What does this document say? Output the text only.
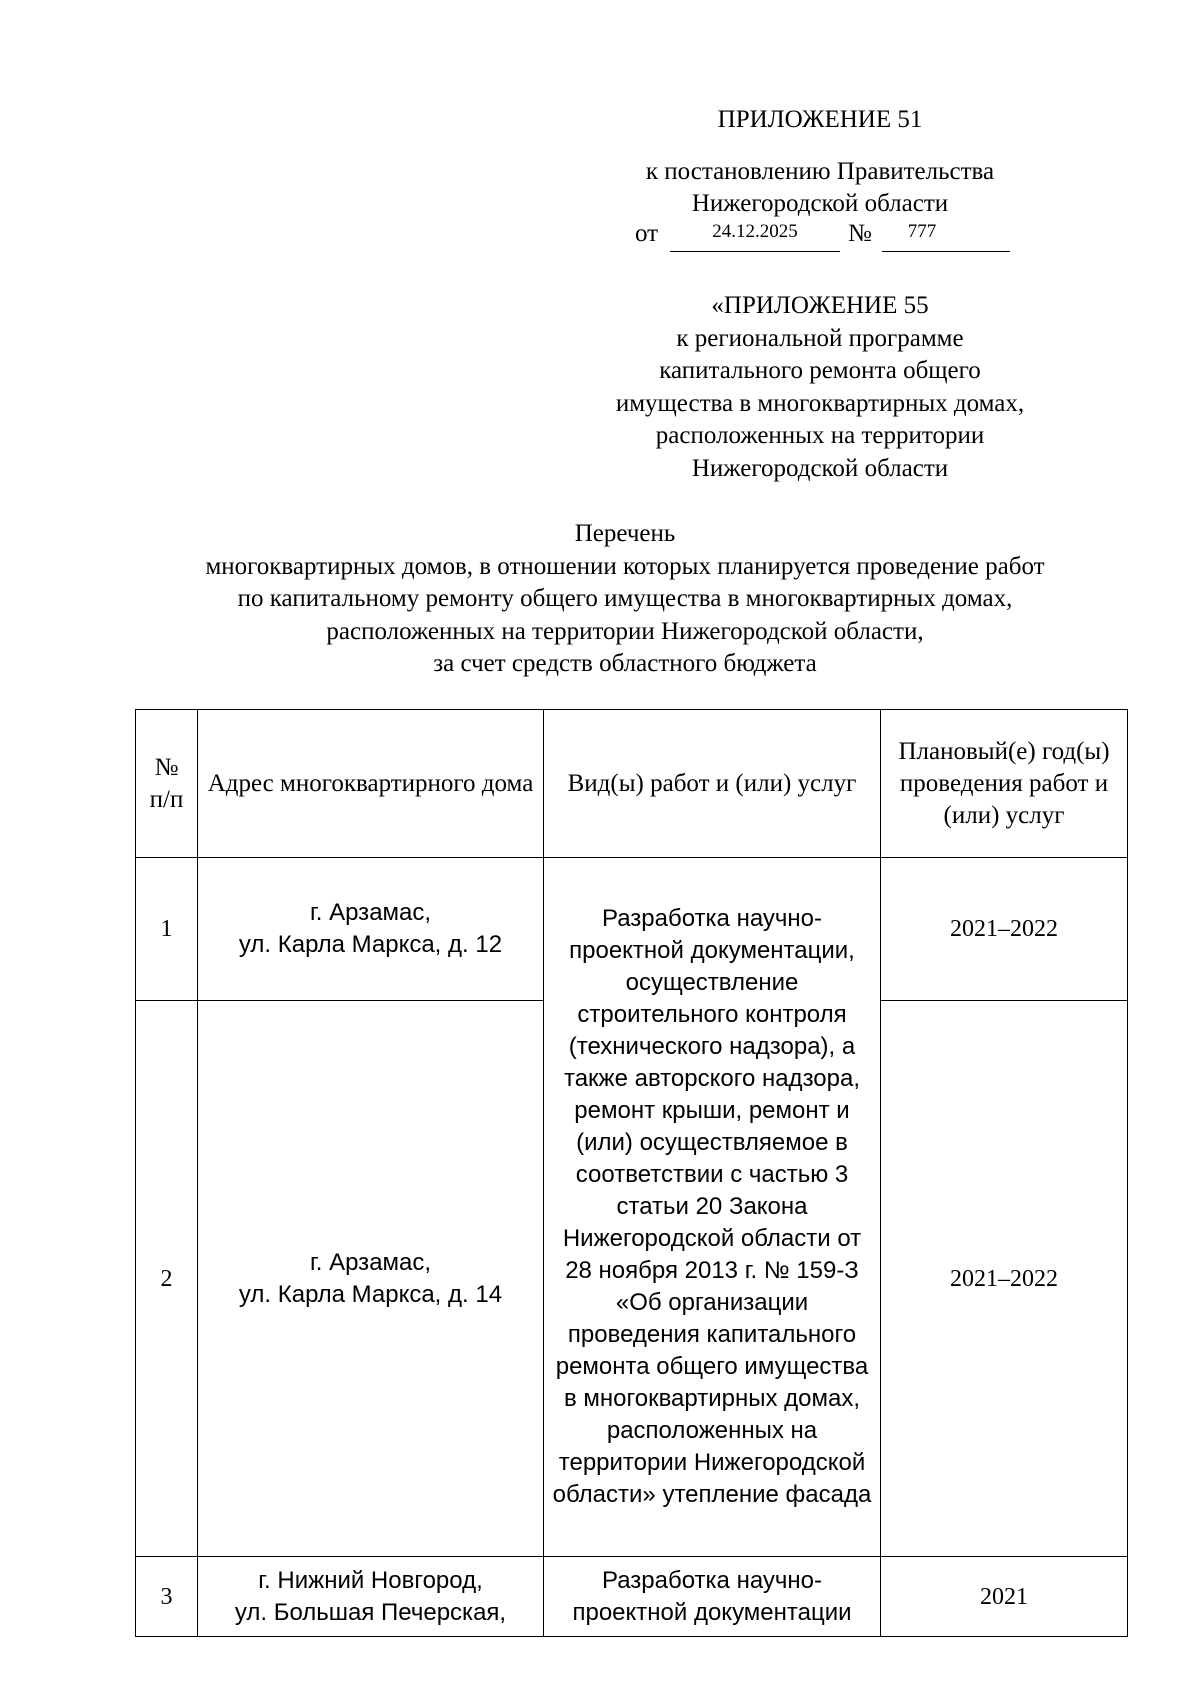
ПРИЛОЖЕНИЕ 51
к постановлению Правительства
Нижегородской области
от	24.12.2025	№	777
«ПРИЛОЖЕНИЕ 55
к региональной программе
капитального ремонта общего
имущества в многоквартирных домах,
расположенных на территории
Нижегородской области
Перечень
многоквартирных домов, в отношении которых планируется проведение работ
по капитальному ремонту общего имущества в многоквартирных домах,
расположенных на территории Нижегородской области,
за счет средств областного бюджета
№ п/п	Адрес многоквартирного дома	Вид(ы) работ и (или) услуг	Плановый(е) год(ы) проведения работ и (или) услуг
1	г. Арзамас,
ул. Карла Маркса, д. 12	Разработка научно-проектной документации, осуществление строительного контроля (технического надзора), а также авторского надзора, ремонт крыши, ремонт и (или) осуществляемое в соответствии с частью 3 статьи 20 Закона Нижегородской области от 28 ноября 2013 г. № 159-З «Об организации проведения капитального ремонта общего имущества в многоквартирных домах, расположенных на территории Нижегородской области» утепление фасада	2021–2022
2	г. Арзамас,
ул. Карла Маркса, д. 14		2021–2022
3	г. Нижний Новгород,
ул. Большая Печерская,	Разработка научно-проектной документации	2021
